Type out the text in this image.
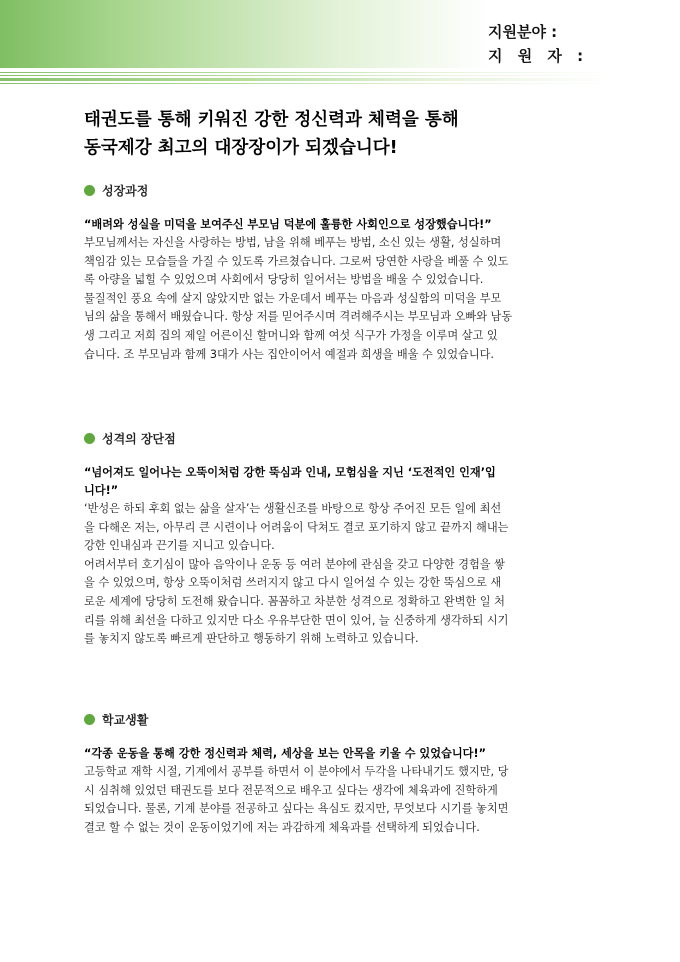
지원분야 :
지 원 자 :
태권도를 통해 키워진 강한 정신력과 체력을 통해
동국제강 최고의 대장장이가 되겠습니다!
성장과정
“배려와 성실을 미덕을 보여주신 부모님 덕분에 훌륭한 사회인으로 성장했습니다!”
부모님께서는 자신을 사랑하는 방법, 남을 위해 베푸는 방법, 소신 있는 생활, 성실하며
책임감 있는 모습들을 가질 수 있도록 가르쳤습니다. 그로써 당연한 사랑을 베풀 수 있도
록 아량을 넓힐 수 있었으며 사회에서 당당히 일어서는 방법을 배울 수 있었습니다.
물질적인 풍요 속에 살지 않았지만 없는 가운데서 베푸는 마음과 성실함의 미덕을 부모
님의 삶을 통해서 배웠습니다. 항상 저를 믿어주시며 격려해주시는 부모님과 오빠와 남동
생 그리고 저희 집의 제일 어른이신 할머니와 함께 여섯 식구가 가정을 이루며 살고 있
습니다. 조 부모님과 함께 3대가 사는 집안이어서 예절과 희생을 배울 수 있었습니다.
성격의 장단점
“넘어져도 일어나는 오뚝이처럼 강한 뚝심과 인내, 모험심을 지닌 ‘도전적인 인재’입
니다!”
‘반성은 하되 후회 없는 삶을 살자’는 생활신조를 바탕으로 항상 주어진 모든 일에 최선
을 다해온 저는, 아무리 큰 시련이나 어려움이 닥쳐도 결코 포기하지 않고 끝까지 해내는
강한 인내심과 끈기를 지니고 있습니다.
어려서부터 호기심이 많아 음악이나 운동 등 여러 분야에 관심을 갖고 다양한 경험을 쌓
을 수 있었으며, 항상 오뚝이처럼 쓰러지지 않고 다시 일어설 수 있는 강한 뚝심으로 새
로운 세계에 당당히 도전해 왔습니다. 꼼꼼하고 차분한 성격으로 정확하고 완벽한 일 처
리를 위해 최선을 다하고 있지만 다소 우유부단한 면이 있어, 늘 신중하게 생각하되 시기
를 놓치지 않도록 빠르게 판단하고 행동하기 위해 노력하고 있습니다.
학교생활
“각종 운동을 통해 강한 정신력과 체력, 세상을 보는 안목을 키울 수 있었습니다!”
고등학교 재학 시절, 기계에서 공부를 하면서 이 분야에서 두각을 나타내기도 했지만, 당
시 심취해 있었던 태권도를 보다 전문적으로 배우고 싶다는 생각에 체육과에 진학하게
되었습니다. 물론, 기계 분야를 전공하고 싶다는 욕심도 컸지만, 무엇보다 시기를 놓치면
결코 할 수 없는 것이 운동이었기에 저는 과감하게 체육과를 선택하게 되었습니다.
